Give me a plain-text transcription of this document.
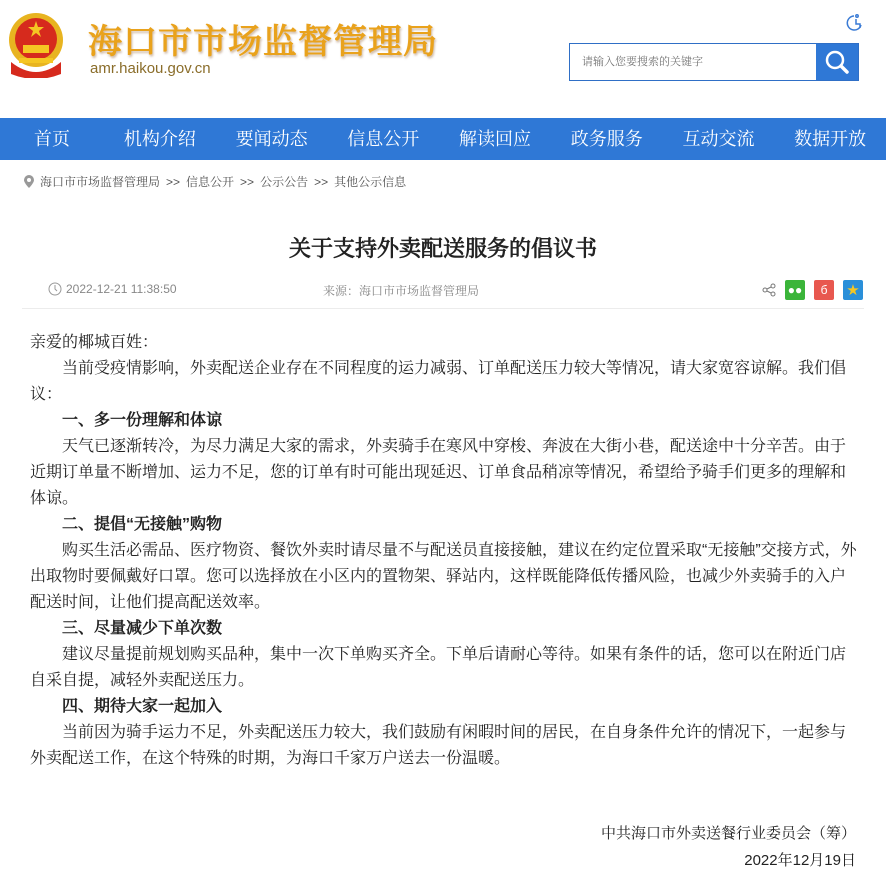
海口市市场监督管理局
amr.haikou.gov.cn
请输入您要搜索的关键字
首页	机构介绍	要闻动态	信息公开	解读回应	政务服务	互动交流	数据开放
海口市市场监督管理局 >> 信息公开 >> 公示公告 >> 其他公示信息
关于支持外卖配送服务的倡议书
2022-12-21 11:38:50	来源：海口市市场监督管理局	●●	б	★

亲爱的椰城百姓：

当前受疫情影响，外卖配送企业存在不同程度的运力减弱、订单配送压力较大等情况，请大家宽容谅解。我们倡议：

一、多一份理解和体谅

天气已逐渐转冷，为尽力满足大家的需求，外卖骑手在寒风中穿梭、奔波在大街小巷，配送途中十分辛苦。由于近期订单量不断增加、运力不足，您的订单有时可能出现延迟、订单食品稍凉等情况，希望给予骑手们更多的理解和体谅。

二、提倡“无接触”购物

购买生活必需品、医疗物资、餐饮外卖时请尽量不与配送员直接接触，建议在约定位置采取“无接触”交接方式，外出取物时要佩戴好口罩。您可以选择放在小区内的置物架、驿站内，这样既能降低传播风险，也减少外卖骑手的入户配送时间，让他们提高配送效率。

三、尽量减少下单次数

建议尽量提前规划购买品种，集中一次下单购买齐全。下单后请耐心等待。如果有条件的话，您可以在附近门店自采自提，减轻外卖配送压力。

四、期待大家一起加入

当前因为骑手运力不足，外卖配送压力较大，我们鼓励有闲暇时间的居民，在自身条件允许的情况下，一起参与外卖配送工作，在这个特殊的时期，为海口千家万户送去一份温暖。

中共海口市外卖送餐行业委员会（筹）
2022年12月19日
